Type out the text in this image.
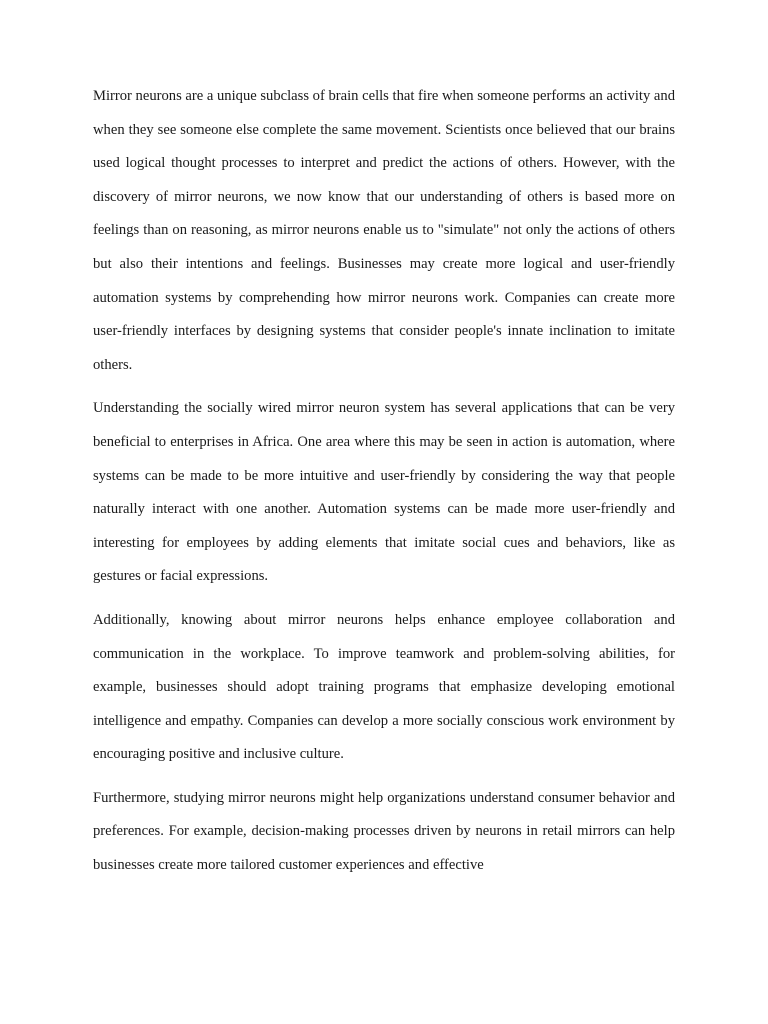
Mirror neurons are a unique subclass of brain cells that fire when someone performs an activity and when they see someone else complete the same movement. Scientists once believed that our brains used logical thought processes to interpret and predict the actions of others. However, with the discovery of mirror neurons, we now know that our understanding of others is based more on feelings than on reasoning, as mirror neurons enable us to "simulate" not only the actions of others but also their intentions and feelings. Businesses may create more logical and user-friendly automation systems by comprehending how mirror neurons work. Companies can create more user-friendly interfaces by designing systems that consider people's innate inclination to imitate others.

Understanding the socially wired mirror neuron system has several applications that can be very beneficial to enterprises in Africa. One area where this may be seen in action is automation, where systems can be made to be more intuitive and user-friendly by considering the way that people naturally interact with one another. Automation systems can be made more user-friendly and interesting for employees by adding elements that imitate social cues and behaviors, like as gestures or facial expressions.

Additionally, knowing about mirror neurons helps enhance employee collaboration and communication in the workplace. To improve teamwork and problem-solving abilities, for example, businesses should adopt training programs that emphasize developing emotional intelligence and empathy. Companies can develop a more socially conscious work environment by encouraging positive and inclusive culture.

Furthermore, studying mirror neurons might help organizations understand consumer behavior and preferences. For example, decision-making processes driven by neurons in retail mirrors can help businesses create more tailored customer experiences and effective
